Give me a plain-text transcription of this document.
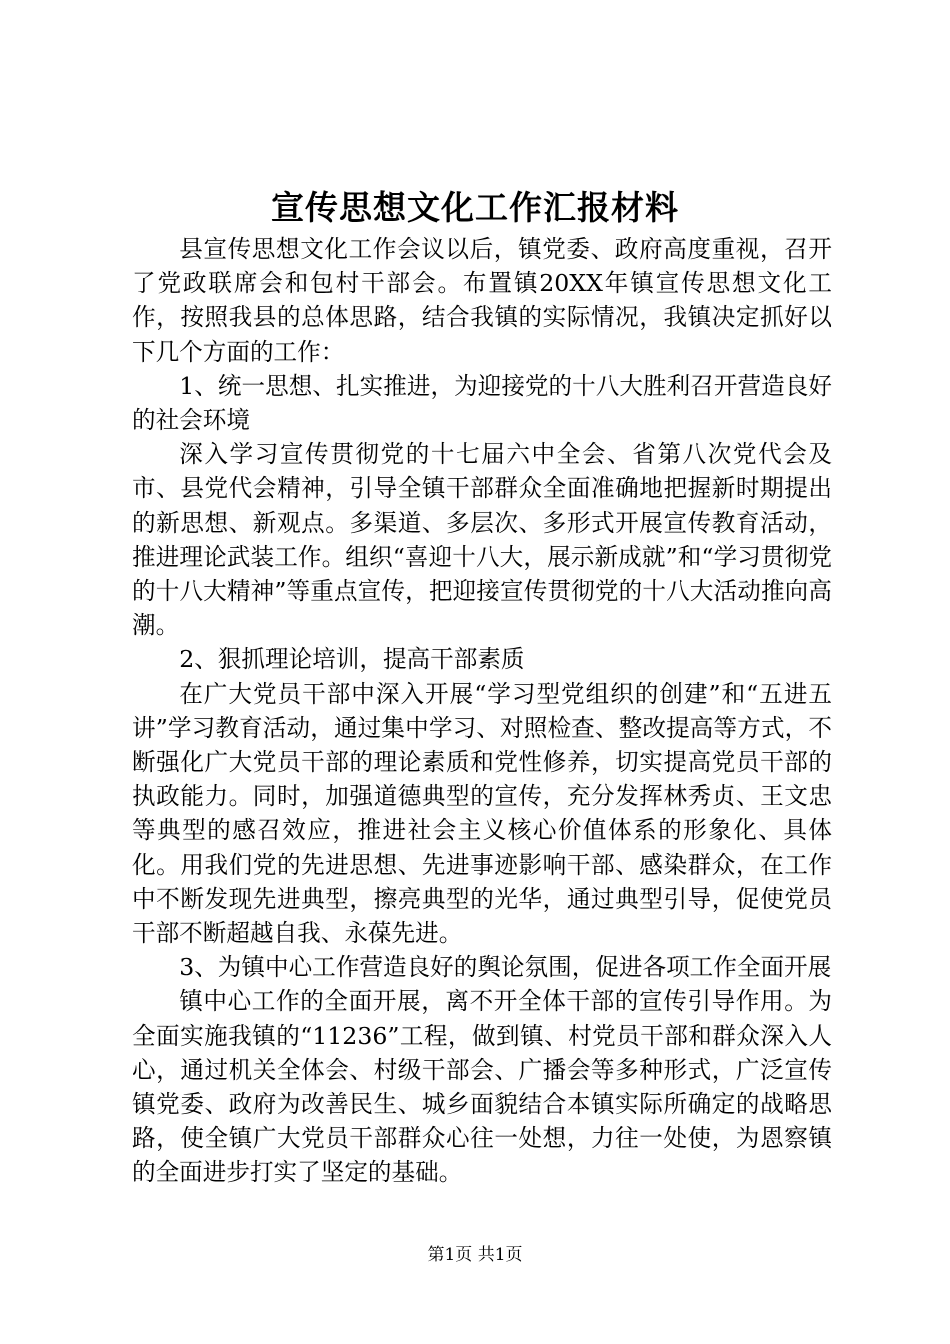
宣传思想文化工作汇报材料

县宣传思想文化工作会议以后，镇党委、政府高度重视，召开了党政联席会和包村干部会。布置镇20XX年镇宣传思想文化工作，按照我县的总体思路，结合我镇的实际情况，我镇决定抓好以下几个方面的工作：

1、统一思想、扎实推进，为迎接党的十八大胜利召开营造良好的社会环境

深入学习宣传贯彻党的十七届六中全会、省第八次党代会及市、县党代会精神，引导全镇干部群众全面准确地把握新时期提出的新思想、新观点。多渠道、多层次、多形式开展宣传教育活动，推进理论武装工作。组织“喜迎十八大，展示新成就”和“学习贯彻党的十八大精神”等重点宣传，把迎接宣传贯彻党的十八大活动推向高潮。

2、狠抓理论培训，提高干部素质

在广大党员干部中深入开展“学习型党组织的创建”和“五进五讲”学习教育活动，通过集中学习、对照检查、整改提高等方式，不断强化广大党员干部的理论素质和党性修养，切实提高党员干部的执政能力。同时，加强道德典型的宣传，充分发挥林秀贞、王文忠等典型的感召效应，推进社会主义核心价值体系的形象化、具体化。用我们党的先进思想、先进事迹影响干部、感染群众，在工作中不断发现先进典型，擦亮典型的光华，通过典型引导，促使党员干部不断超越自我、永葆先进。

3、为镇中心工作营造良好的舆论氛围，促进各项工作全面开展

镇中心工作的全面开展，离不开全体干部的宣传引导作用。为全面实施我镇的“11236”工程，做到镇、村党员干部和群众深入人心，通过机关全体会、村级干部会、广播会等多种形式，广泛宣传镇党委、政府为改善民生、城乡面貌结合本镇实际所确定的战略思路，使全镇广大党员干部群众心往一处想，力往一处使，为恩察镇的全面进步打实了坚定的基础。

第1页 共1页
